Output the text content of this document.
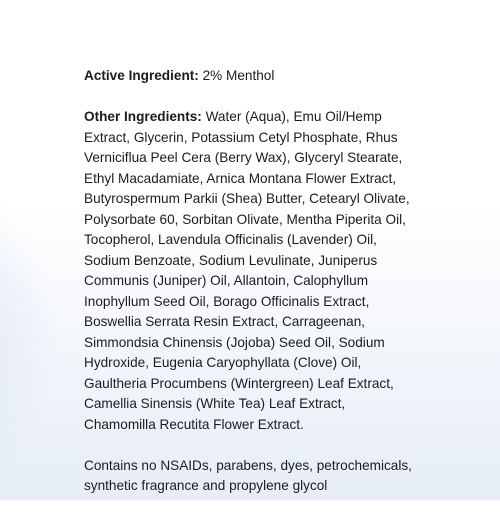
Active Ingredient: 2% Menthol

Other Ingredients: Water (Aqua), Emu Oil/Hemp
Extract, Glycerin, Potassium Cetyl Phosphate, Rhus
Verniciflua Peel Cera (Berry Wax), Glyceryl Stearate,
Ethyl Macadamiate, Arnica Montana Flower Extract,
Butyrospermum Parkii (Shea) Butter, Cetearyl Olivate,
Polysorbate 60, Sorbitan Olivate, Mentha Piperita Oil,
Tocopherol, Lavendula Officinalis (Lavender) Oil,
Sodium Benzoate, Sodium Levulinate, Juniperus
Communis (Juniper) Oil, Allantoin, Calophyllum
Inophyllum Seed Oil, Borago Officinalis Extract,
Boswellia Serrata Resin Extract, Carrageenan,
Simmondsia Chinensis (Jojoba) Seed Oil, Sodium
Hydroxide, Eugenia Caryophyllata (Clove) Oil,
Gaultheria Procumbens (Wintergreen) Leaf Extract,
Camellia Sinensis (White Tea) Leaf Extract,
Chamomilla Recutita Flower Extract.

Contains no NSAIDs, parabens, dyes, petrochemicals,
synthetic fragrance and propylene glycol
